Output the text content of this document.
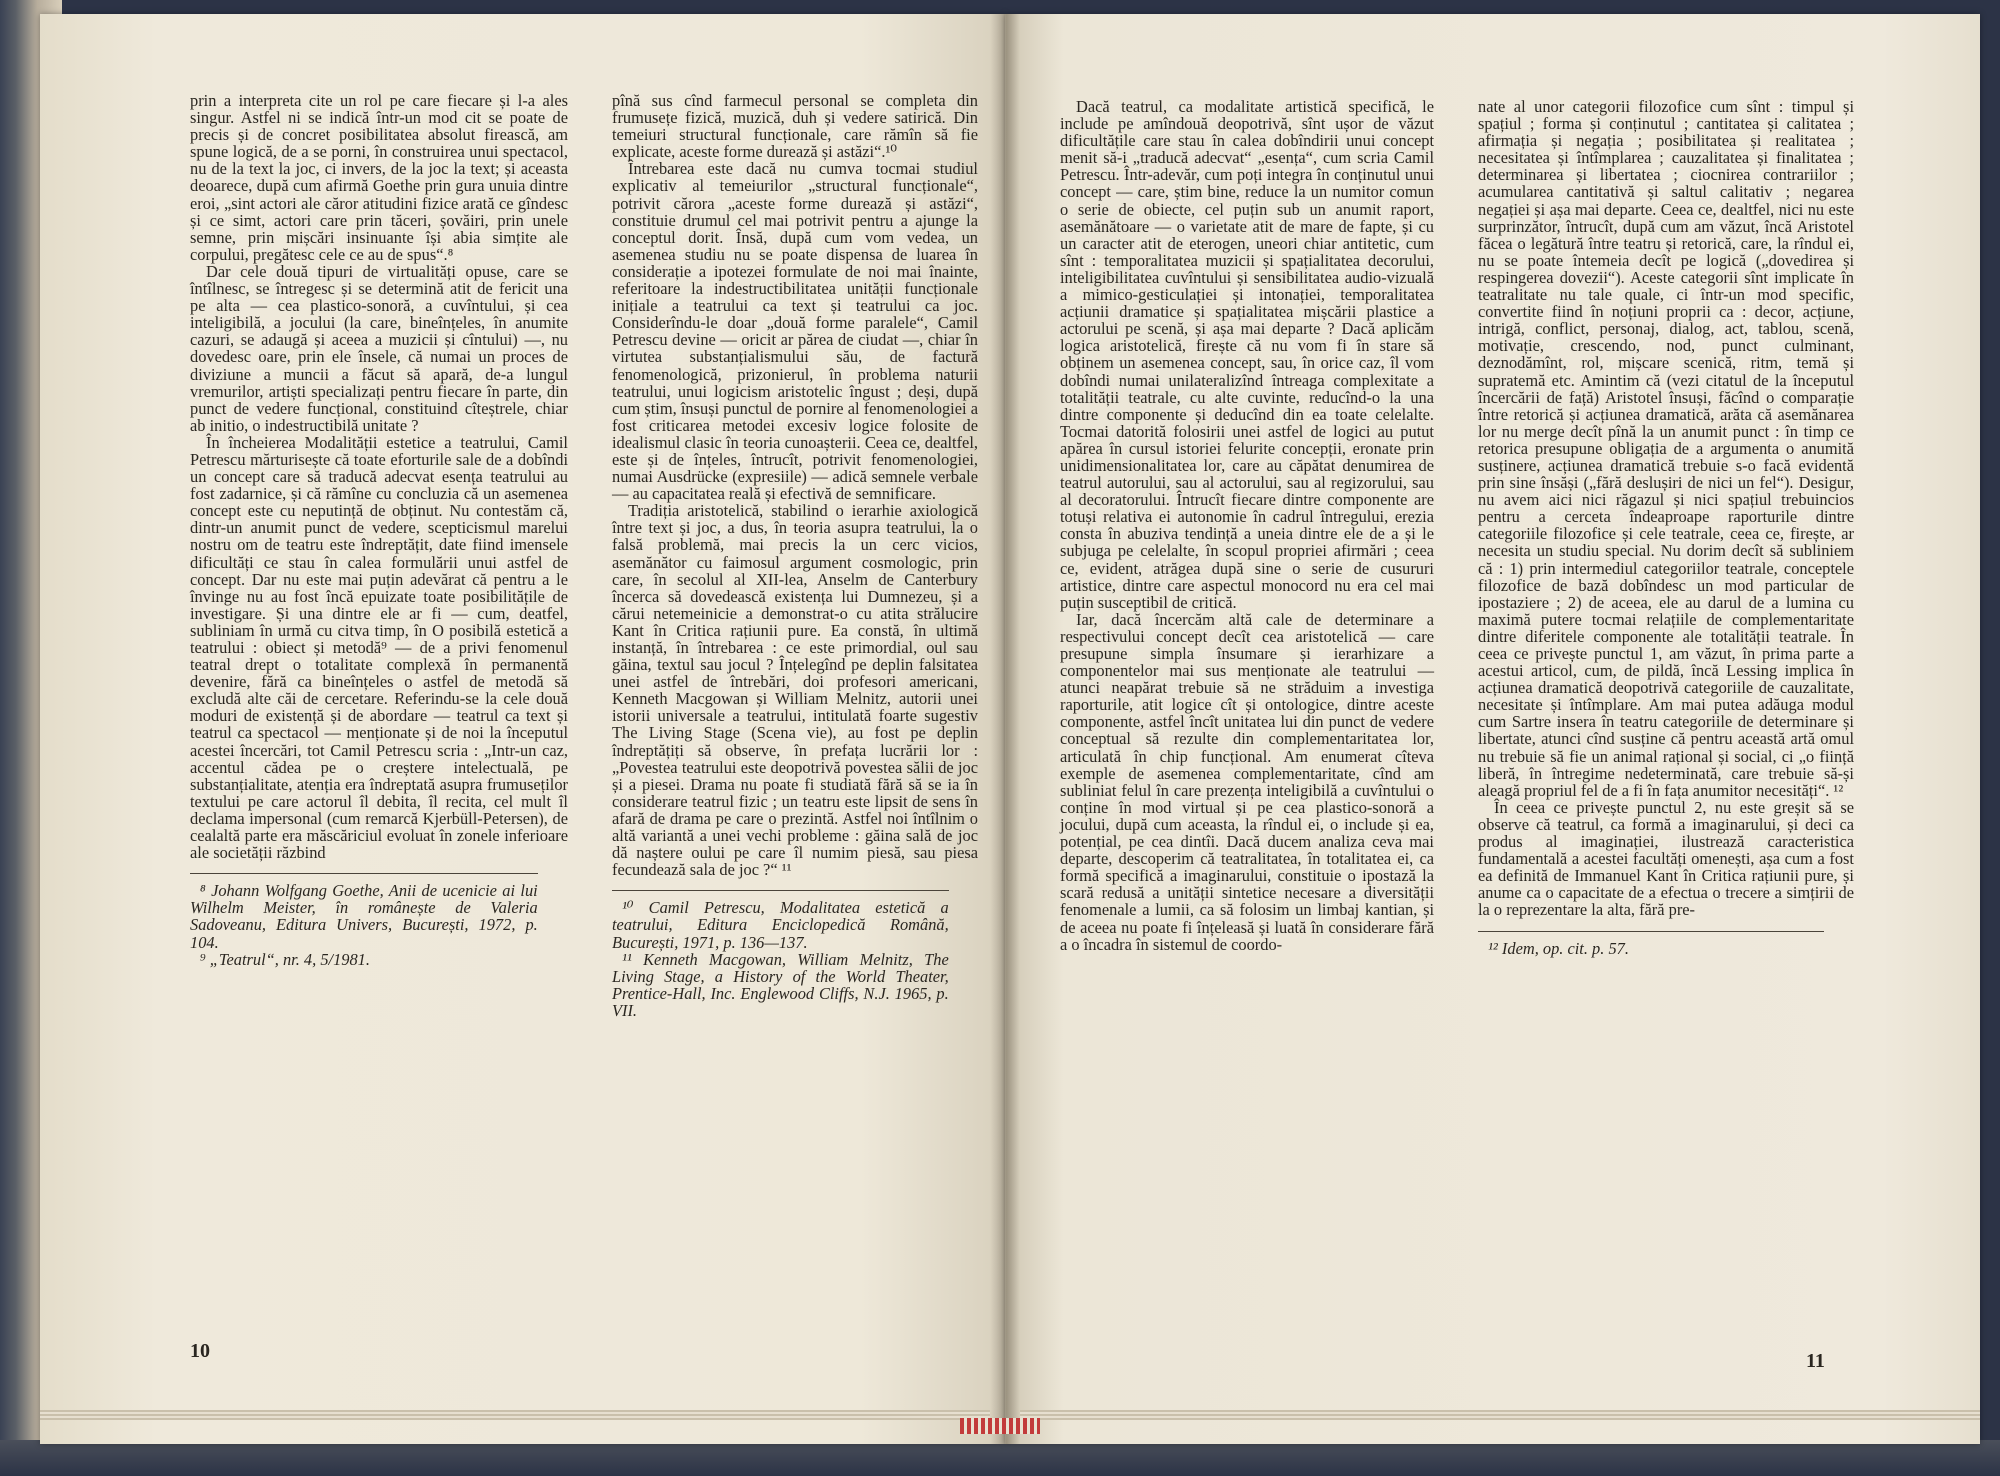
prin a interpreta cite un rol pe care fiecare și l-a ales singur. Astfel ni se indică într-un mod cit se poate de precis și de concret posibilitatea absolut firească, am spune logică, de a se porni, în construirea unui spectacol, nu de la text la joc, ci invers, de la joc la text; și aceasta deoarece, după cum afirmă Goethe prin gura unuia dintre eroi, „sint actori ale căror atitudini fizice arată ce gîndesc și ce simt, actori care prin tăceri, șovăiri, prin unele semne, prin mișcări insinuante își abia simțite ale corpului, pregătesc cele ce au de spus“.⁸

Dar cele două tipuri de virtualități opuse, care se întîlnesc, se întregesc și se determină atit de fericit una pe alta — cea plastico-sonoră, a cuvîntului, și cea inteligibilă, a jocului (la care, bineînțeles, în anumite cazuri, se adaugă și aceea a muzicii și cîntului) —, nu dovedesc oare, prin ele însele, că numai un proces de diviziune a muncii a făcut să apară, de-a lungul vremurilor, artiști specializați pentru fiecare în parte, din punct de vedere funcțional, constituind cîteștrele, chiar ab initio, o indestructibilă unitate ?

În încheierea Modalității estetice a teatrului, Camil Petrescu mărturisește că toate eforturile sale de a dobîndi un concept care să traducă adecvat esența teatrului au fost zadarnice, și că rămîne cu concluzia că un asemenea concept este cu neputință de obținut. Nu contestăm că, dintr-un anumit punct de vedere, scepticismul marelui nostru om de teatru este îndreptățit, date fiind imensele dificultăți ce stau în calea formulării unui astfel de concept. Dar nu este mai puțin adevărat că pentru a le învinge nu au fost încă epuizate toate posibilitățile de investigare. Și una dintre ele ar fi — cum, deatfel, subliniam în urmă cu citva timp, în O posibilă estetică a teatrului : obiect și metodă⁹ — de a privi fenomenul teatral drept o totalitate complexă în permanentă devenire, fără ca bineînțeles o astfel de metodă să excludă alte căi de cercetare. Referindu-se la cele două moduri de existență și de abordare — teatrul ca text și teatrul ca spectacol — menționate și de noi la începutul acestei încercări, tot Camil Petrescu scria : „Intr-un caz, accentul cădea pe o creștere intelectuală, pe substanțialitate, atenția era îndreptată asupra frumuseților textului pe care actorul îl debita, îl recita, cel mult îl declama impersonal (cum remarcă Kjerbüll-Petersen), de cealaltă parte era măscăriciul evoluat în zonele inferioare ale societății răzbind

⁸ Johann Wolfgang Goethe, Anii de ucenicie ai lui Wilhelm Meister, în românește de Valeria Sadoveanu, Editura Univers, București, 1972, p. 104.

⁹ „Teatrul“, nr. 4, 5/1981.

pînă sus cînd farmecul personal se completa din frumusețe fizică, muzică, duh și vedere satirică. Din temeiuri structural funcționale, care rămîn să fie explicate, aceste forme durează și astăzi“.¹⁰

Întrebarea este dacă nu cumva tocmai studiul explicativ al temeiurilor „structural funcționale“, potrivit cărora „aceste forme durează și astăzi“, constituie drumul cel mai potrivit pentru a ajunge la conceptul dorit. Însă, după cum vom vedea, un asemenea studiu nu se poate dispensa de luarea în considerație a ipotezei formulate de noi mai înainte, referitoare la indestructibilitatea unității funcționale inițiale a teatrului ca text și teatrului ca joc. Considerîndu-le doar „două forme paralele“, Camil Petrescu devine — oricit ar părea de ciudat —, chiar în virtutea substanțialismului său, de factură fenomenologică, prizonierul, în problema naturii teatrului, unui logicism aristotelic îngust ; deși, după cum știm, însuși punctul de pornire al fenomenologiei a fost criticarea metodei excesiv logice folosite de idealismul clasic în teoria cunoașterii. Ceea ce, dealtfel, este și de înțeles, întrucît, potrivit fenomenologiei, numai Ausdrücke (expresiile) — adică semnele verbale — au capacitatea reală și efectivă de semnificare.

Tradiția aristotelică, stabilind o ierarhie axiologică între text și joc, a dus, în teoria asupra teatrului, la o falsă problemă, mai precis la un cerc vicios, asemănător cu faimosul argument cosmologic, prin care, în secolul al XII-lea, Anselm de Canterbury încerca să dovedească existența lui Dumnezeu, și a cărui netemeinicie a demonstrat-o cu atita strălucire Kant în Critica rațiunii pure. Ea constă, în ultimă instanță, în întrebarea : ce este primordial, oul sau găina, textul sau jocul ? Înțelegînd pe deplin falsitatea unei astfel de întrebări, doi profesori americani, Kenneth Macgowan și William Melnitz, autorii unei istorii universale a teatrului, intitulată foarte sugestiv The Living Stage (Scena vie), au fost pe deplin îndreptățiți să observe, în prefața lucrării lor : „Povestea teatrului este deopotrivă povestea sălii de joc și a piesei. Drama nu poate fi studiată fără să se ia în considerare teatrul fizic ; un teatru este lipsit de sens în afară de drama pe care o prezintă. Astfel noi întîlnim o altă variantă a unei vechi probleme : găina sală de joc dă naștere oului pe care îl numim piesă, sau piesa fecundează sala de joc ?“ ¹¹

¹⁰ Camil Petrescu, Modalitatea estetică a teatrului, Editura Enciclopedică Română, București, 1971, p. 136—137.

¹¹ Kenneth Macgowan, William Melnitz, The Living Stage, a History of the World Theater, Prentice-Hall, Inc. Englewood Cliffs, N.J. 1965, p. VII.

10

Dacă teatrul, ca modalitate artistică specifică, le include pe amîndouă deopotrivă, sînt ușor de văzut dificultățile care stau în calea dobîndirii unui concept menit să-i „traducă adecvat“ „esența“, cum scria Camil Petrescu. Într-adevăr, cum poți integra în conținutul unui concept — care, știm bine, reduce la un numitor comun o serie de obiecte, cel puțin sub un anumit raport, asemănătoare — o varietate atit de mare de fapte, și cu un caracter atit de eterogen, uneori chiar antitetic, cum sînt : temporalitatea muzicii și spațialitatea decorului, inteligibilitatea cuvîntului și sensibilitatea audio-vizuală a mimico-gesticulației și intonației, temporalitatea acțiunii dramatice și spațialitatea mișcării plastice a actorului pe scenă, și așa mai departe ? Dacă aplicăm logica aristotelică, firește că nu vom fi în stare să obținem un asemenea concept, sau, în orice caz, îl vom dobîndi numai unilateralizînd întreaga complexitate a totalității teatrale, cu alte cuvinte, reducînd-o la una dintre componente și deducînd din ea toate celelalte. Tocmai datorită folosirii unei astfel de logici au putut apărea în cursul istoriei felurite concepții, eronate prin unidimensionalitatea lor, care au căpătat denumirea de teatrul autorului, sau al actorului, sau al regizorului, sau al decoratorului. Întrucît fiecare dintre componente are totuși relativa ei autonomie în cadrul întregului, erezia consta în abuziva tendință a uneia dintre ele de a și le subjuga pe celelalte, în scopul propriei afirmări ; ceea ce, evident, atrăgea după sine o serie de cusururi artistice, dintre care aspectul monocord nu era cel mai puțin susceptibil de critică.

Iar, dacă încercăm altă cale de determinare a respectivului concept decît cea aristotelică — care presupune simpla însumare și ierarhizare a componentelor mai sus menționate ale teatrului — atunci neapărat trebuie să ne străduim a investiga raporturile, atit logice cît și ontologice, dintre aceste componente, astfel încît unitatea lui din punct de vedere conceptual să rezulte din complementaritatea lor, articulată în chip funcțional. Am enumerat cîteva exemple de asemenea complementaritate, cînd am subliniat felul în care prezența inteligibilă a cuvîntului o conține în mod virtual și pe cea plastico-sonoră a jocului, după cum aceasta, la rîndul ei, o include și ea, potențial, pe cea dintîi. Dacă ducem analiza ceva mai departe, descoperim că teatralitatea, în totalitatea ei, ca formă specifică a imaginarului, constituie o ipostază la scară redusă a unității sintetice necesare a diversității fenomenale a lumii, ca să folosim un limbaj kantian, și de aceea nu poate fi înțeleasă și luată în considerare fără a o încadra în sistemul de coordo-

nate al unor categorii filozofice cum sînt : timpul și spațiul ; forma și conținutul ; cantitatea și calitatea ; afirmația și negația ; posibilitatea și realitatea ; necesitatea și întîmplarea ; cauzalitatea și finalitatea ; determinarea și libertatea ; ciocnirea contrariilor ; acumularea cantitativă și saltul calitativ ; negarea negației și așa mai departe. Ceea ce, dealtfel, nici nu este surprinzător, întrucît, după cum am văzut, încă Aristotel făcea o legătură între teatru și retorică, care, la rîndul ei, nu se poate întemeia decît pe logică („dovedirea și respingerea dovezii“). Aceste categorii sînt implicate în teatralitate nu tale quale, ci într-un mod specific, convertite fiind în noțiuni proprii ca : decor, acțiune, intrigă, conflict, personaj, dialog, act, tablou, scenă, motivație, crescendo, nod, punct culminant, deznodămînt, rol, mișcare scenică, ritm, temă și supratemă etc. Amintim că (vezi citatul de la începutul încercării de față) Aristotel însuși, făcînd o comparație între retorică și acțiunea dramatică, arăta că asemănarea lor nu merge decît pînă la un anumit punct : în timp ce retorica presupune obligația de a argumenta o anumită susținere, acțiunea dramatică trebuie s-o facă evidentă prin sine însăși („fără deslușiri de nici un fel“). Desigur, nu avem aici nici răgazul și nici spațiul trebuincios pentru a cerceta îndeaproape raporturile dintre categoriile filozofice și cele teatrale, ceea ce, firește, ar necesita un studiu special. Nu dorim decît să subliniem că : 1) prin intermediul categoriilor teatrale, conceptele filozofice de bază dobîndesc un mod particular de ipostaziere ; 2) de aceea, ele au darul de a lumina cu maximă putere tocmai relațiile de complementaritate dintre diferitele componente ale totalității teatrale. În ceea ce privește punctul 1, am văzut, în prima parte a acestui articol, cum, de pildă, încă Lessing implica în acțiunea dramatică deopotrivă categoriile de cauzalitate, necesitate și întîmplare. Am mai putea adăuga modul cum Sartre insera în teatru categoriile de determinare și libertate, atunci cînd susține că pentru această artă omul nu trebuie să fie un animal rațional și social, ci „o ființă liberă, în întregime nedeterminată, care trebuie să-și aleagă propriul fel de a fi în fața anumitor necesități“. ¹²

În ceea ce privește punctul 2, nu este greșit să se observe că teatrul, ca formă a imaginarului, și deci ca produs al imaginației, ilustrează caracteristica fundamentală a acestei facultăți omenești, așa cum a fost ea definită de Immanuel Kant în Critica rațiunii pure, și anume ca o capacitate de a efectua o trecere a simțirii de la o reprezentare la alta, fără pre-

¹² Idem, op. cit. p. 57.

11
